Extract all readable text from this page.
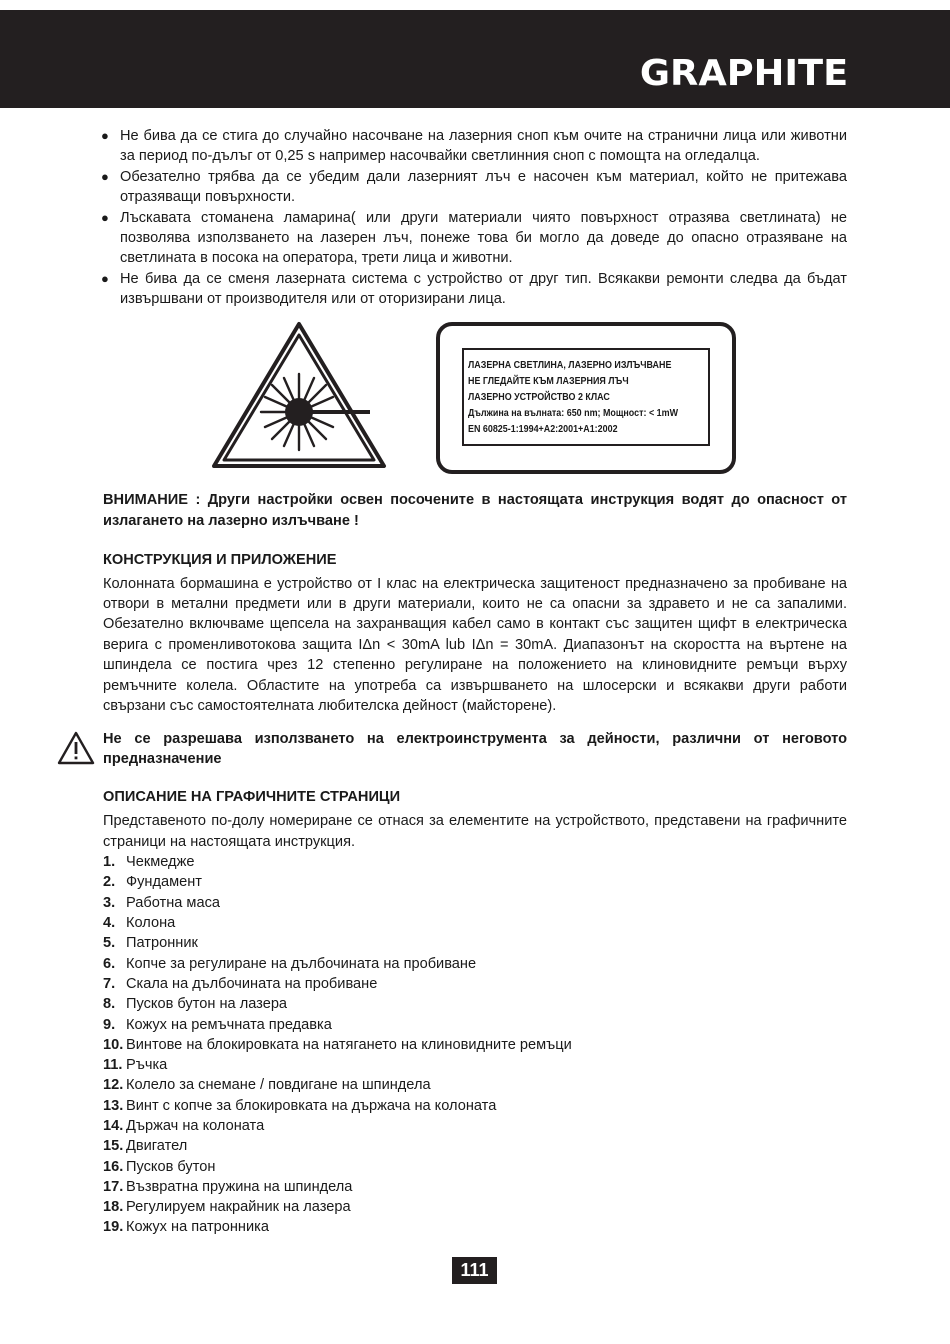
GRAPHITE
● Не бива да се стига до случайно насочване на лазерния сноп към очите на странични лица или животни за период по-дълъг от 0,25 s например насочвайки светлинния сноп с помощта на огледалца.
● Обезателно трябва да се убедим дали лазерният лъч е насочен към материал, който не притежава отразяващи повърхности.
● Лъскавата стоманена ламарина( или други материали чиято повърхност отразява светлината) не позволява използването на лазерен лъч, понеже това би могло да доведе до опасно отразяване на светлината в посока на оператора, трети лица и животни.
● Не бива да се сменя лазерната система с устройство от друг тип. Всякакви ремонти следва да бъдат извършвани от производителя или от оторизирани лица.
ЛАЗЕРНА СВЕТЛИНА, ЛАЗЕРНО ИЗЛЪЧВАНЕ
НЕ ГЛЕДАЙТЕ КЪМ ЛАЗЕРНИЯ ЛЪЧ
ЛАЗЕРНО УСТРОЙСТВО 2 КЛАС
Дължина на вълната: 650 nm; Мощност: < 1mW
EN 60825-1:1994+A2:2001+A1:2002
ВНИМАНИЕ : Други настройки освен посочените в настоящата инструкция водят до опасност от излагането на лазерно излъчване !
КОНСТРУКЦИЯ И ПРИЛОЖЕНИЕ

Колонната бормашина е устройство от I клас на електрическа защитеност предназначено за пробиване на отвори в метални предмети или в други материали, които не са опасни за здравето и не са запалими. Обезателно включваме щепсела на захранващия кабел само в контакт със защитен щифт в електрическа верига с променливотокова защита IΔn < 30mA lub IΔn = 30mA. Диапазонът на скоростта на въртене на шпиндела се постига чрез 12 степенно регулиране на положението на клиновидните ремъци върху ремъчните колела. Областите на употреба са извършването на шлосерски и всякакви други работи свързани със самостоятелната любителска дейност (майсторене).

Не се разрешава използването на електроинструмента за дейности, различни от неговото предназначение
ОПИСАНИЕ НА ГРАФИЧНИТЕ СТРАНИЦИ

Представеното по-долу номериране се отнася за елементите на устройството, представени на графичните страници на настоящата инструкция.

1. Чекмедже
2. Фундамент
3. Работна маса
4. Колона
5. Патронник
6. Копче за регулиране на дълбочината на пробиване
7. Скала на дълбочината на пробиване
8. Пусков бутон на лазера
9. Кожух на ремъчната предавка
10. Винтове на блокировката на натягането на клиновидните ремъци
11. Ръчка
12. Колело за снемане / повдигане на шпиндела
13. Винт с копче за блокировката на държача на колоната
14. Държач на колоната
15. Двигател
16. Пусков бутон
17. Възвратна пружина на шпиндела
18. Регулируем накрайник на лазера
19. Кожух на патронника
111
